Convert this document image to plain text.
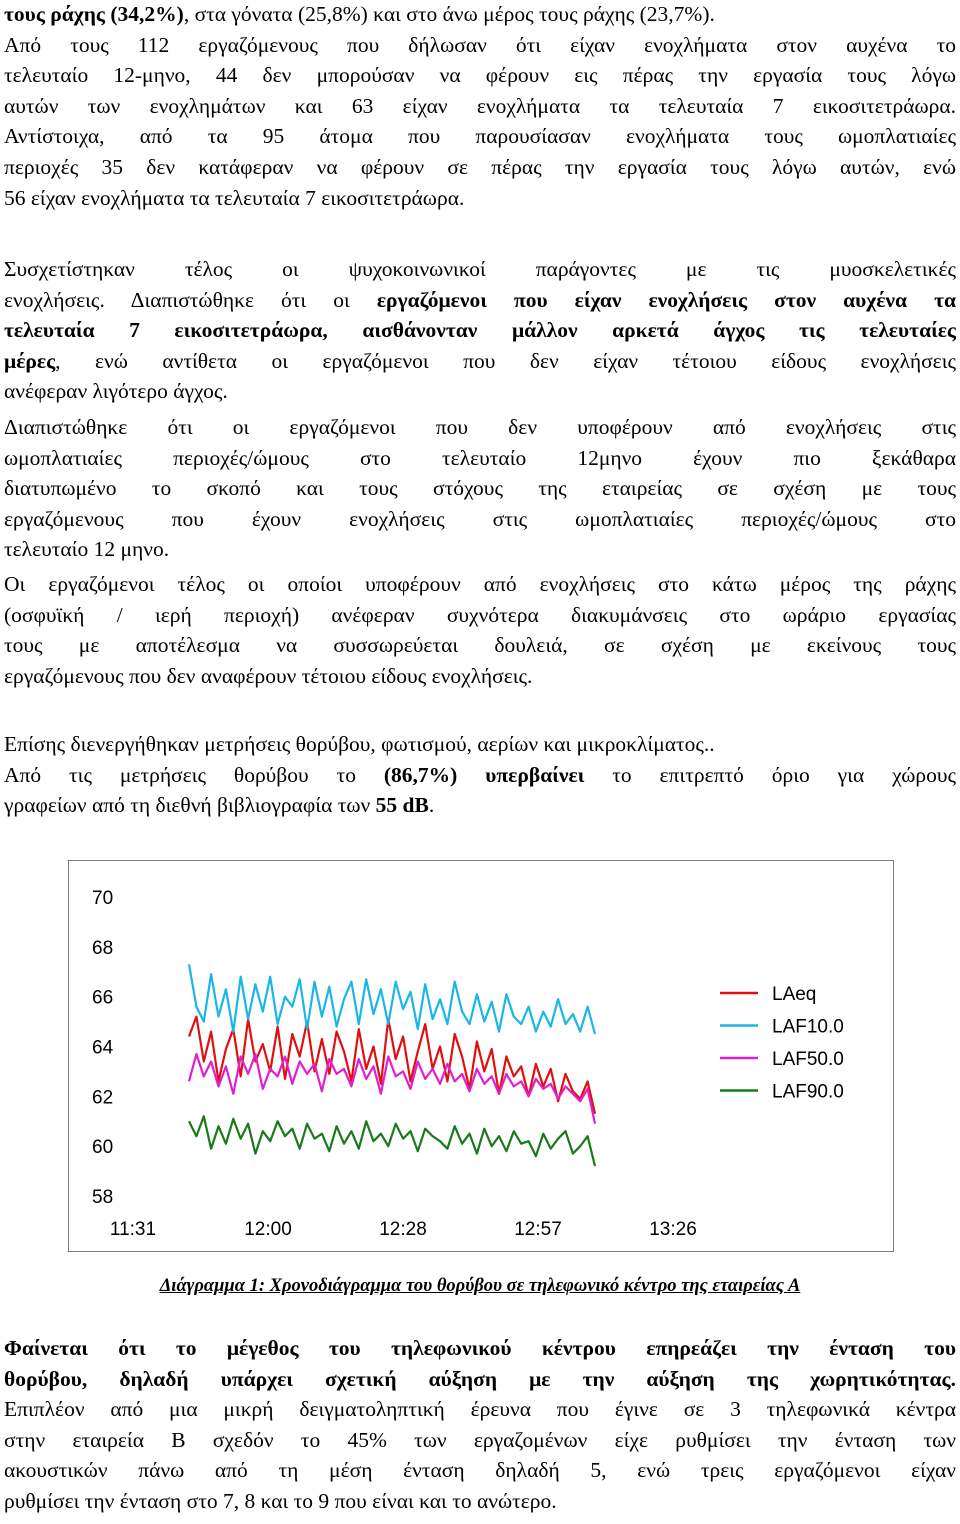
τους ράχης (34,2%), στα γόνατα (25,8%) και στο άνω μέρος τους ράχης (23,7%).
Από τους 112 εργαζόμενους που δήλωσαν ότι είχαν ενοχλήματα στον αυχένα το
τελευταίο 12-μηνο, 44 δεν μπορούσαν να φέρουν εις πέρας την εργασία τους λόγω
αυτών των ενοχλημάτων και 63 είχαν ενοχλήματα τα τελευταία 7 εικοσιτετράωρα.
Αντίστοιχα, από τα 95 άτομα που παρουσίασαν ενοχλήματα τους ωμοπλατιαίες
περιοχές 35 δεν κατάφεραν να φέρουν σε πέρας την εργασία τους λόγω αυτών, ενώ
56 είχαν ενοχλήματα τα τελευταία 7 εικοσιτετράωρα.
Συσχετίστηκαν τέλος οι ψυχοκοινωνικοί παράγοντες με τις μυοσκελετικές
ενοχλήσεις. Διαπιστώθηκε ότι οι εργαζόμενοι που είχαν ενοχλήσεις στον αυχένα τα
τελευταία 7 εικοσιτετράωρα, αισθάνονταν μάλλον αρκετά άγχος τις τελευταίες
μέρες, ενώ αντίθετα οι εργαζόμενοι που δεν είχαν τέτοιου είδους ενοχλήσεις
ανέφεραν λιγότερο άγχος.
Διαπιστώθηκε ότι οι εργαζόμενοι που δεν υποφέρουν από ενοχλήσεις στις
ωμοπλατιαίες περιοχές/ώμους στο τελευταίο 12μηνο έχουν πιο ξεκάθαρα
διατυπωμένο το σκοπό και τους στόχους της εταιρείας σε σχέση με τους
εργαζόμενους που έχουν ενοχλήσεις στις ωμοπλατιαίες περιοχές/ώμους στο
τελευταίο 12 μηνο.
Οι εργαζόμενοι τέλος οι οποίοι υποφέρουν από ενοχλήσεις στο κάτω μέρος της ράχης
(οσφυϊκή / ιερή περιοχή) ανέφεραν συχνότερα διακυμάνσεις στο ωράριο εργασίας
τους με αποτέλεσμα να συσσωρεύεται δουλειά, σε σχέση με εκείνους τους
εργαζόμενους που δεν αναφέρουν τέτοιου είδους ενοχλήσεις.
Επίσης διενεργήθηκαν μετρήσεις θορύβου, φωτισμού, αερίων και μικροκλίματος..
Από τις μετρήσεις θορύβου το (86,7%) υπερβαίνει το επιτρεπτό όριο για χώρους
γραφείων από τη διεθνή βιβλιογραφία των 55 dB.
70
68
66
64
62
60
58
11:31	12:00	12:28	12:57	13:26
LAeq
LAF10.0
LAF50.0
LAF90.0
Διάγραμμα 1: Χρονοδιάγραμμα του θορύβου σε τηλεφωνικό κέντρο της εταιρείας Α
Φαίνεται ότι το μέγεθος του τηλεφωνικού κέντρου επηρεάζει την ένταση του
θορύβου, δηλαδή υπάρχει σχετική αύξηση με την αύξηση της χωρητικότητας.
Επιπλέον από μια μικρή δειγματοληπτική έρευνα που έγινε σε 3 τηλεφωνικά κέντρα
στην εταιρεία Β σχεδόν το 45% των εργαζομένων είχε ρυθμίσει την ένταση των
ακουστικών πάνω από τη μέση ένταση δηλαδή 5, ενώ τρεις εργαζόμενοι είχαν
ρυθμίσει την ένταση στο 7, 8 και το 9 που είναι και το ανώτερο.
